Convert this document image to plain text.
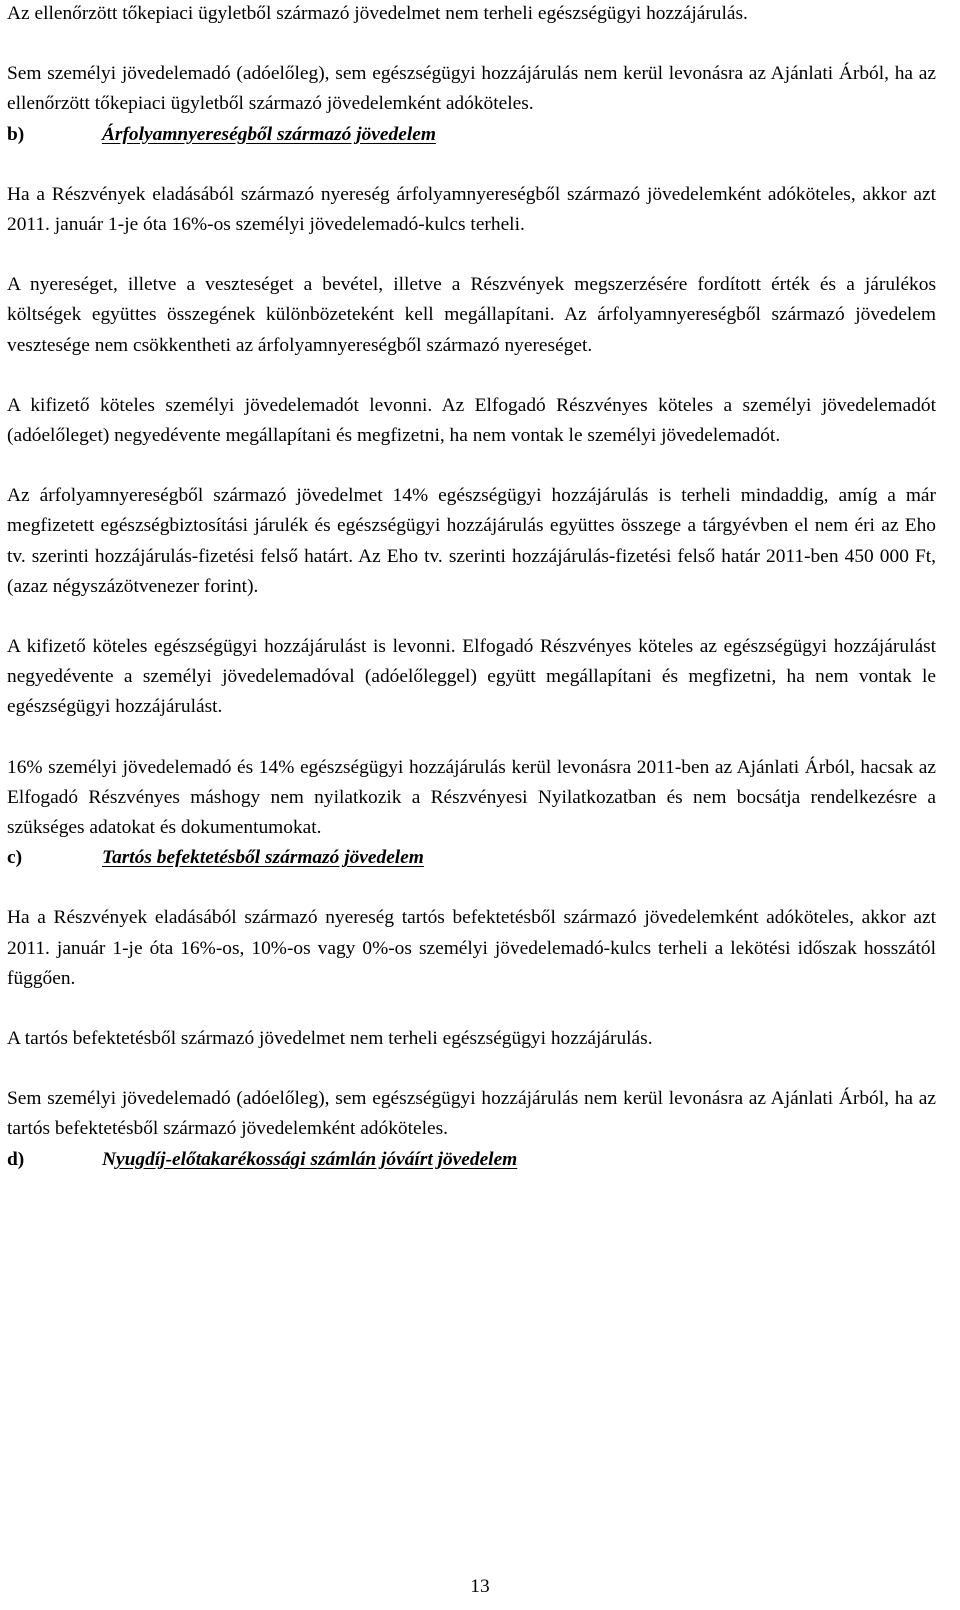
Az ellenőrzött tőkepiaci ügyletből származó jövedelmet nem terheli egészségügyi hozzájárulás.

Sem személyi jövedelemadó (adóelőleg), sem egészségügyi hozzájárulás nem kerül levonásra az Ajánlati Árból, ha az ellenőrzött tőkepiaci ügyletből származó jövedelemként adóköteles.

b)	Árfolyamnyereségből származó jövedelem

Ha a Részvények eladásából származó nyereség árfolyamnyereségből származó jövedelemként adóköteles, akkor azt 2011. január 1-je óta 16%-os személyi jövedelemadó-kulcs terheli.

A nyereséget, illetve a veszteséget a bevétel, illetve a Részvények megszerzésére fordított érték és a járulékos költségek együttes összegének különbözeteként kell megállapítani. Az árfolyamnyereségből származó jövedelem vesztesége nem csökkentheti az árfolyamnyereségből származó nyereséget.

A kifizető köteles személyi jövedelemadót levonni. Az Elfogadó Részvényes köteles a személyi jövedelemadót (adóelőleget) negyedévente megállapítani és megfizetni, ha nem vontak le személyi jövedelemadót.

Az árfolyamnyereségből származó jövedelmet 14% egészségügyi hozzájárulás is terheli mindaddig, amíg a már megfizetett egészségbiztosítási járulék és egészségügyi hozzájárulás együttes összege a tárgyévben el nem éri az Eho tv. szerinti hozzájárulás-fizetési felső határt. Az Eho tv. szerinti hozzájárulás-fizetési felső határ 2011-ben 450 000 Ft, (azaz négyszázötvenezer forint).

A kifizető köteles egészségügyi hozzájárulást is levonni. Elfogadó Részvényes köteles az egészségügyi hozzájárulást negyedévente a személyi jövedelemadóval (adóelőleggel) együtt megállapítani és megfizetni, ha nem vontak le egészségügyi hozzájárulást.

16% személyi jövedelemadó és 14% egészségügyi hozzájárulás kerül levonásra 2011-ben az Ajánlati Árból, hacsak az Elfogadó Részvényes máshogy nem nyilatkozik a Részvényesi Nyilatkozatban és nem bocsátja rendelkezésre a szükséges adatokat és dokumentumokat.

c)	Tartós befektetésből származó jövedelem

Ha a Részvények eladásából származó nyereség tartós befektetésből származó jövedelemként adóköteles, akkor azt 2011. január 1-je óta 16%-os, 10%-os vagy 0%-os személyi jövedelemadó-kulcs terheli a lekötési időszak hosszától függően.

A tartós befektetésből származó jövedelmet nem terheli egészségügyi hozzájárulás.

Sem személyi jövedelemadó (adóelőleg), sem egészségügyi hozzájárulás nem kerül levonásra az Ajánlati Árból, ha az tartós befektetésből származó jövedelemként adóköteles.

d)	Nyugdíj-előtakarékossági számlán jóváírt jövedelem

13
